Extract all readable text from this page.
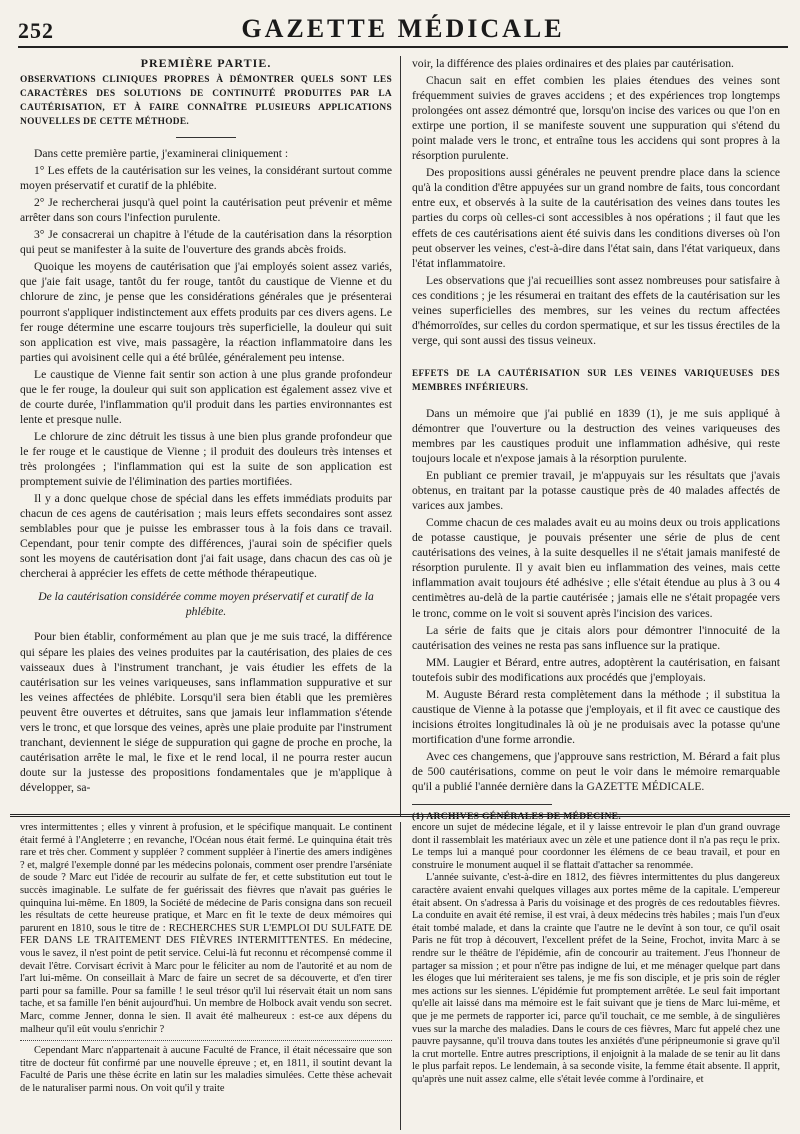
252	GAZETTE MÉDICALE

PREMIÈRE PARTIE.

OBSERVATIONS CLINIQUES PROPRES À DÉMONTRER QUELS SONT LES CARACTÈRES DES SOLUTIONS DE CONTINUITÉ PRODUITES PAR LA CAUTÉRISATION, ET À FAIRE CONNAÎTRE PLUSIEURS APPLICATIONS NOUVELLES DE CETTE MÉTHODE.

Dans cette première partie, j'examinerai cliniquement :

1° Les effets de la cautérisation sur les veines, la considérant surtout comme moyen préservatif et curatif de la phlébite.

2° Je rechercherai jusqu'à quel point la cautérisation peut prévenir et même arrêter dans son cours l'infection purulente.

3° Je consacrerai un chapitre à l'étude de la cautérisation dans la résorption qui peut se manifester à la suite de l'ouverture des grands abcès froids.

Quoique les moyens de cautérisation que j'ai employés soient assez variés, que j'aie fait usage, tantôt du fer rouge, tantôt du caustique de Vienne et du chlorure de zinc, je pense que les considérations générales que je présenterai pourront s'appliquer indistinctement aux effets produits par ces divers agens. Le fer rouge détermine une escarre toujours très superficielle, la douleur qui suit son application est vive, mais passagère, la réaction inflammatoire dans les parties qui avoisinent celle qui a été brûlée, généralement peu intense.

Le caustique de Vienne fait sentir son action à une plus grande profondeur que le fer rouge, la douleur qui suit son application est également assez vive et de courte durée, l'inflammation qu'il produit dans les parties environnantes est lente et presque nulle.

Le chlorure de zinc détruit les tissus à une bien plus grande profondeur que le fer rouge et le caustique de Vienne ; il produit des douleurs très intenses et très prolongées ; l'inflammation qui est la suite de son application est promptement suivie de l'élimination des parties mortifiées.

Il y a donc quelque chose de spécial dans les effets immédiats produits par chacun de ces agens de cautérisation ; mais leurs effets secondaires sont assez semblables pour que je puisse les embrasser tous à la fois dans ce travail. Cependant, pour tenir compte des différences, j'aurai soin de spécifier quels sont les moyens de cautérisation dont j'ai fait usage, dans chacun des cas où je chercherai à apprécier les effets de cette méthode thérapeutique.

De la cautérisation considérée comme moyen préservatif et curatif de la phlébite.

Pour bien établir, conformément au plan que je me suis tracé, la différence qui sépare les plaies des veines produites par la cautérisation, des plaies de ces vaisseaux dues à l'instrument tranchant, je vais étudier les effets de la cautérisation sur les veines variqueuses, sans inflammation suppurative et sur les veines affectées de phlébite. Lorsqu'il sera bien établi que les premières peuvent être ouvertes et détruites, sans que jamais leur inflammation s'étende vers le tronc, et que lorsque des veines, après une plaie produite par l'instrument tranchant, deviennent le siége de suppuration qui gagne de proche en proche, la cautérisation arrête le mal, le fixe et le rend local, il ne pourra rester aucun doute sur la justesse des propositions fondamentales que je m'applique à développer, sa-

voir, la différence des plaies ordinaires et des plaies par cautérisation.

Chacun sait en effet combien les plaies étendues des veines sont fréquemment suivies de graves accidens ; et des expériences trop longtemps prolongées ont assez démontré que, lorsqu'on incise des varices ou que l'on en extirpe une portion, il se manifeste souvent une suppuration qui s'étend du point malade vers le tronc, et entraîne tous les accidens qui sont propres à la résorption purulente.

Des propositions aussi générales ne peuvent prendre place dans la science qu'à la condition d'être appuyées sur un grand nombre de faits, tous concordant entre eux, et observés à la suite de la cautérisation des veines dans toutes les parties du corps où celles-ci sont accessibles à nos opérations ; il faut que les effets de ces cautérisations aient été suivis dans les conditions diverses où l'on peut observer les veines, c'est-à-dire dans l'état sain, dans l'état variqueux, dans l'état inflammatoire.

Les observations que j'ai recueillies sont assez nombreuses pour satisfaire à ces conditions ; je les résumerai en traitant des effets de la cautérisation sur les veines superficielles des membres, sur les veines du rectum affectées d'hémorroïdes, sur celles du cordon spermatique, et sur les tissus érectiles de la verge, qui sont aussi des tissus veineux.

EFFETS DE LA CAUTÉRISATION SUR LES VEINES VARIQUEUSES DES MEMBRES INFÉRIEURS.

Dans un mémoire que j'ai publié en 1839 (1), je me suis appliqué à démontrer que l'ouverture ou la destruction des veines variqueuses des membres par les caustiques produit une inflammation adhésive, qui reste toujours locale et n'expose jamais à la résorption purulente.

En publiant ce premier travail, je m'appuyais sur les résultats que j'avais obtenus, en traitant par la potasse caustique près de 40 malades affectés de varices aux jambes.

Comme chacun de ces malades avait eu au moins deux ou trois applications de potasse caustique, je pouvais présenter une série de plus de cent cautérisations des veines, à la suite desquelles il ne s'était jamais manifesté de résorption purulente. Il y avait bien eu inflammation des veines, mais cette inflammation avait toujours été adhésive ; elle s'était étendue au plus à 3 ou 4 centimètres au-delà de la partie cautérisée ; jamais elle ne s'était propagée vers le tronc, comme on le voit si souvent après l'incision des varices.

La série de faits que je citais alors pour démontrer l'innocuité de la cautérisation des veines ne resta pas sans influence sur la pratique.

MM. Laugier et Bérard, entre autres, adoptèrent la cautérisation, en faisant toutefois subir des modifications aux procédés que j'employais.

M. Auguste Bérard resta complètement dans la méthode ; il substitua la caustique de Vienne à la potasse que j'employais, et il fit avec ce caustique des incisions étroites longitudinales là où je ne produisais avec la potasse qu'une mortification d'une forme arrondie.

Avec ces changemens, que j'approuve sans restriction, M. Bérard a fait plus de 500 cautérisations, comme on peut le voir dans le mémoire remarquable qu'il a publié l'année dernière dans la GAZETTE MÉDICALE.

(1) ARCHIVES GÉNÉRALES DE MÉDECINE.

vres intermittentes ; elles y vinrent à profusion, et le spécifique manquait. Le continent était fermé à l'Angleterre ; en revanche, l'Océan nous était fermé. Le quinquina était très rare et très cher. Comment y suppléer ? comment suppléer à l'inertie des amers indigènes ? et, malgré l'exemple donné par les médecins polonais, comment oser prendre l'arséniate de soude ? Marc eut l'idée de recourir au sulfate de fer, et cette substitution eut tout le succès imaginable. Le sulfate de fer guérissait des fièvres que n'avait pas guéries le quinquina lui-même. En 1809, la Société de médecine de Paris consigna dans son recueil les résultats de cette heureuse pratique, et Marc en fit le texte de deux mémoires qui parurent en 1810, sous le titre de : RECHERCHES SUR L'EMPLOI DU SULFATE DE FER DANS LE TRAITEMENT DES FIÈVRES INTERMITTENTES. En médecine, vous le savez, il n'est point de petit service. Celui-là fut reconnu et récompensé comme il devait l'être. Corvisart écrivit à Marc pour le féliciter au nom de l'autorité et au nom de l'art lui-même. On conseillait à Marc de faire un secret de sa découverte, et d'en tirer parti pour sa famille. Pour sa famille ! le seul trésor qu'il lui réservait était un nom sans tache, et sa famille l'en bénit aujourd'hui. Un membre de Holbock avait vendu son secret. Marc, comme Jenner, donna le sien. Il avait été malheureux : est-ce aux dépens du malheur qu'il eût voulu s'enrichir ?

Cependant Marc n'appartenait à aucune Faculté de France, il était nécessaire que son titre de docteur fût confirmé par une nouvelle épreuve ; et, en 1811, il soutint devant la Faculté de Paris une thèse écrite en latin sur les maladies simulées. Cette thèse achevait de le naturaliser parmi nous. On voit qu'il y traite

encore un sujet de médecine légale, et il y laisse entrevoir le plan d'un grand ouvrage dont il rassemblait les matériaux avec un zèle et une patience dont il n'a pas reçu le prix. Le temps lui a manqué pour coordonner les élémens de ce beau travail, et pour en construire le monument auquel il se flattait d'attacher sa renommée.

L'année suivante, c'est-à-dire en 1812, des fièvres intermittentes du plus dangereux caractère avaient envahi quelques villages aux portes même de la capitale. L'empereur était absent. On s'adressa à Paris du voisinage et des progrès de ces redoutables fièvres. La conduite en avait été remise, il est vrai, à deux médecins très habiles ; mais l'un d'eux était tombé malade, et dans la crainte que l'autre ne le devînt à son tour, ce qu'il osait Paris ne fût trop à découvert, l'excellent préfet de la Seine, Frochot, invita Marc à se rendre sur le théâtre de l'épidémie, afin de concourir au traitement. J'eus l'honneur de partager sa mission ; et pour n'être pas indigne de lui, et me ménager quelque part dans les éloges que lui mériteraient ses talens, je me fis son disciple, et je pris soin de régler mes actions sur les siennes. L'épidémie fut promptement arrêtée. Le seul fait important qu'elle ait laissé dans ma mémoire est le fait suivant que je tiens de Marc lui-même, et que je me permets de rapporter ici, parce qu'il touchait, ce me semble, à de singulières vues sur la marche des maladies. Dans le cours de ces fièvres, Marc fut appelé chez une pauvre paysanne, qu'il trouva dans toutes les anxiétés d'une péripneumonie si grave qu'il la crut mortelle. Entre autres prescriptions, il enjoignit à la malade de se tenir au lit dans le plus parfait repos. Le lendemain, à sa seconde visite, la femme était absente. Il apprit, qu'après une nuit assez calme, elle s'était levée comme à l'ordinaire, et
